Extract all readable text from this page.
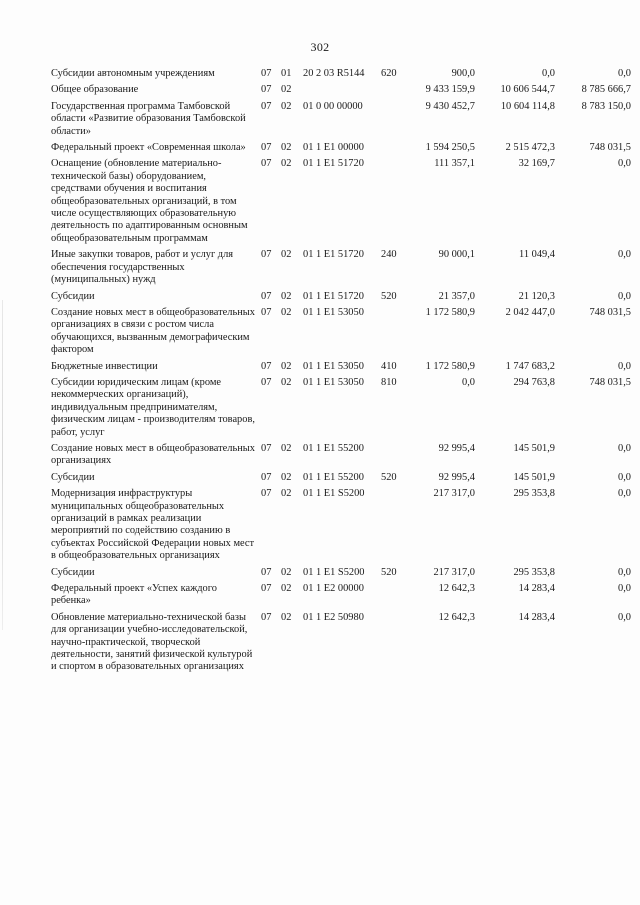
302
Субсидии автономным учреждениям	07	01	20 2 03 R5144	620	900,0	0,0	0,0
Общее образование	07	02			9 433 159,9	10 606 544,7	8 785 666,7
Государственная программа Тамбовской области «Развитие образования Тамбовской области»	07	02	01 0 00 00000		9 430 452,7	10 604 114,8	8 783 150,0
Федеральный проект «Современная школа»	07	02	01 1 E1 00000		1 594 250,5	2 515 472,3	748 031,5
Оснащение (обновление материально-технической базы) оборудованием, средствами обучения и воспитания общеобразовательных организаций, в том числе осуществляющих образовательную деятельность по адаптированным основным общеобразовательным программам	07	02	01 1 E1 51720		111 357,1	32 169,7	0,0
Иные закупки товаров, работ и услуг для обеспечения государственных (муниципальных) нужд	07	02	01 1 E1 51720	240	90 000,1	11 049,4	0,0
Субсидии	07	02	01 1 E1 51720	520	21 357,0	21 120,3	0,0
Создание новых мест в общеобразовательных организациях в связи с ростом числа обучающихся, вызванным демографическим фактором	07	02	01 1 E1 53050		1 172 580,9	2 042 447,0	748 031,5
Бюджетные инвестиции	07	02	01 1 E1 53050	410	1 172 580,9	1 747 683,2	0,0
Субсидии юридическим лицам (кроме некоммерческих организаций), индивидуальным предпринимателям, физическим лицам - производителям товаров, работ, услуг	07	02	01 1 E1 53050	810	0,0	294 763,8	748 031,5
Создание новых мест в общеобразовательных организациях	07	02	01 1 E1 55200		92 995,4	145 501,9	0,0
Субсидии	07	02	01 1 E1 55200	520	92 995,4	145 501,9	0,0
Модернизация инфраструктуры муниципальных общеобразовательных организаций в рамках реализации мероприятий по содействию созданию в субъектах Российской Федерации новых мест в общеобразовательных организациях	07	02	01 1 E1 S5200		217 317,0	295 353,8	0,0
Субсидии	07	02	01 1 E1 S5200	520	217 317,0	295 353,8	0,0
Федеральный проект «Успех каждого ребенка»	07	02	01 1 E2 00000		12 642,3	14 283,4	0,0
Обновление материально-технической базы для организации учебно-исследовательской, научно-практической, творческой деятельности, занятий физической культурой и спортом в образовательных организациях	07	02	01 1 E2 50980		12 642,3	14 283,4	0,0
